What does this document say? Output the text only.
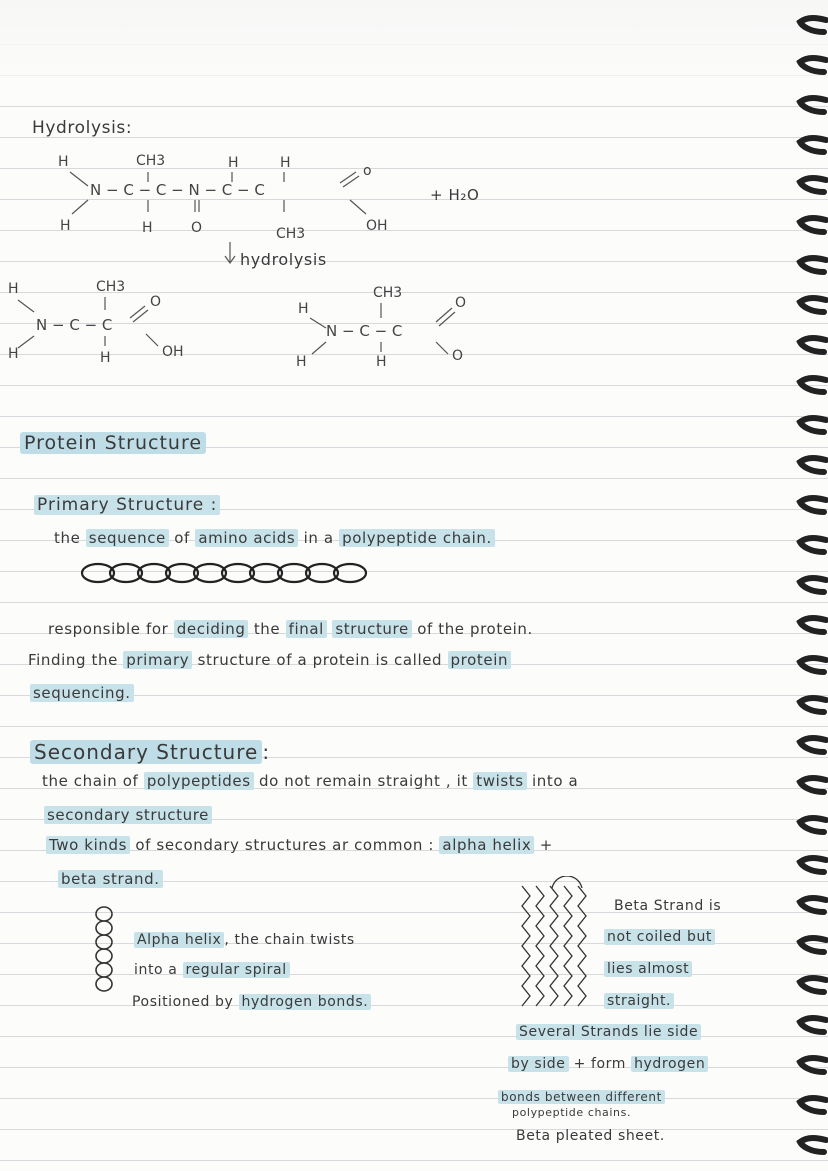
Hydrolysis:
H	CH3	H	H	o
N − C − C − N − C − C
H	H	O	CH3	OH
H	CH3
N − C − C
O
H	H	OH
H
CH3
N − C − C
O
H	H	O
hydrolysis
+ H₂O
Protein Structure
Primary Structure :
the sequence of amino acids in a polypeptide chain.
responsible for deciding the final structure of the protein.
Finding the primary structure of a protein is called protein
sequencing.
Secondary Structure :
the chain of polypeptides do not remain straight , it twists into a
secondary structure
Two kinds of secondary structures ar common : alpha helix +
beta strand.
Alpha helix , the chain twists
into a regular spiral
Positioned by hydrogen bonds.
Beta Strand is
not coiled but
lies almost
straight.
Several Strands lie side
by side + form hydrogen
bonds between different
polypeptide chains.
Beta pleated sheet.
